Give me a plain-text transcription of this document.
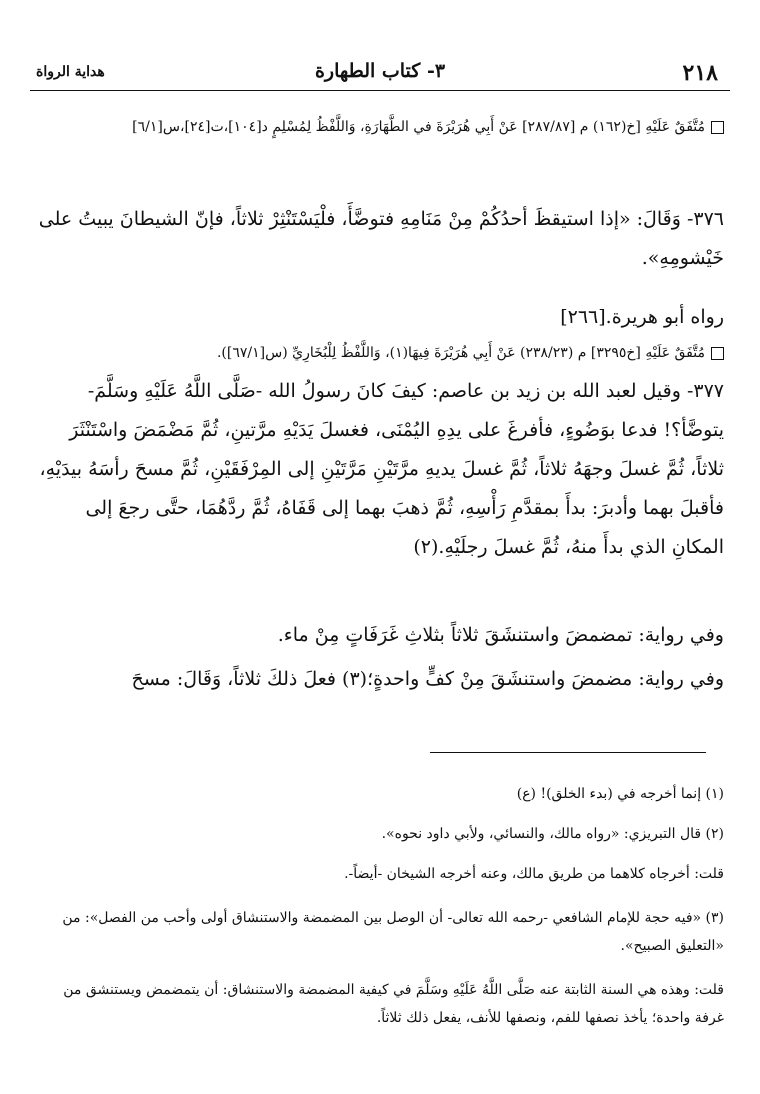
٢١٨
٣- كتاب الطهارة
هداية الرواة
مُتَّفَقٌ عَلَيْهِ [خ(١٦٢) م [٢٨٧/٨٧] عَنْ أَبِي هُرَيْرَةَ في الطَّهَارَةِ، وَاللَّفْظُ لِمُسْلِمٍ د[١٠٤]،ت[٢٤]،س[٦/١]
٣٧٦- وَقَالَ: «إذا استيقظَ أحدُكُمْ مِنْ مَنَامِهِ فتوضَّأَ، فلْيَسْتَنْثِرْ ثلاثاً، فإنّ الشيطانَ يبيتُ على خَيْشومِهِ».
رواه أبو هريرة.[٢٦٦]
مُتَّفَقٌ عَلَيْهِ [خ٣٢٩٥] م (٢٣٨/٢٣) عَنْ أَبِي هُرَيْرَةَ فِيهَا(١)، وَاللَّفْظُ لِلْبُخَارِيِّ (س[٦٧/١]).
٣٧٧- وقيل لعبد الله بن زيد بن عاصم: كيفَ كانَ رسولُ الله -صَلَّى اللَّهُ عَلَيْهِ وسَلَّمَ- يتوضَّأ؟! فدعا بوَضُوءٍ، فأفرغَ على يدِهِ اليُمْنَى، فغسلَ يَدَيْهِ مرَّتينِ، ثُمَّ مَضْمَضَ واسْتَنْثَرَ ثلاثاً، ثُمَّ غسلَ وجهَهُ ثلاثاً، ثُمَّ غسلَ يديهِ مرَّتَيْنِ مَرَّتَيْنِ إلى المِرْفَقَيْنِ، ثُمَّ مسحَ رأسَهُ بيدَيْهِ، فأقبلَ بهما وأدبرَ: بدأَ بمقدَّمِ رَأْسِهِ، ثُمَّ ذهبَ بهما إلى قَفَاهُ، ثُمَّ ردَّهُمَا، حتَّى رجعَ إلى المكانِ الذي بدأَ منهُ، ثُمَّ غسلَ رجلَيْهِ.(٢)
وفي رواية: تمضمضَ واستنشَقَ ثلاثاً بثلاثِ غَرَفَاتٍ مِنْ ماء.
وفي رواية: مضمضَ واستنشَقَ مِنْ كفٍّ واحدةٍ؛(٣) فعلَ ذلكَ ثلاثاً، وَقَالَ: مسحَ
(١) إنما أخرجه في (بدء الخلق)! (ع)
(٢) قال التبريزي: «رواه مالك، والنسائي، ولأبي داود نحوه».
قلت: أخرجاه كلاهما من طريق مالك، وعنه أخرجه الشيخان -أيضاً-.
(٣) «فيه حجة للإمام الشافعي -رحمه الله تعالى- أن الوصل بين المضمضة والاستنشاق أولى وأحب من الفصل»: من «التعليق الصبيح».
قلت: وهذه هي السنة الثابتة عنه صَلَّى اللَّهُ عَلَيْهِ وسَلَّمَ في كيفية المضمضة والاستنشاق: أن يتمضمض ويستنشق من غرفة واحدة؛ يأخذ نصفها للفم، ونصفها للأنف، يفعل ذلك ثلاثاً.
